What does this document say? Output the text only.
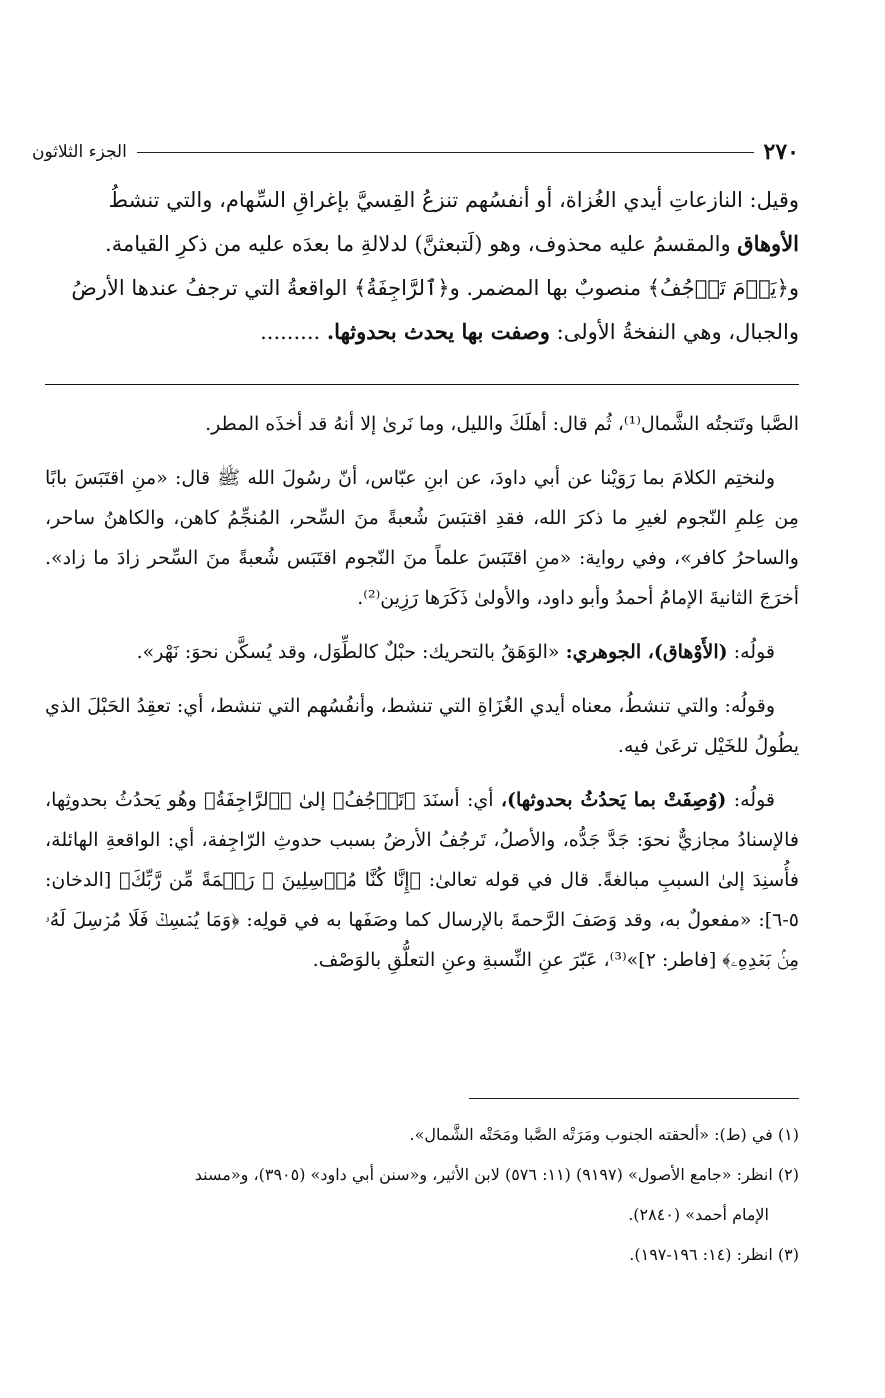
٢٧٠
الجزء الثلاثون

وقيل: النازعاتِ أيدي الغُزاة، أو أنفسُهم تنزعُ القِسيَّ بإغراقِ السِّهام، والتي تنشطُ

الأوهاق والمقسمُ عليه محذوف، وهو (لَتبعثنَّ) لدلالةِ ما بعدَه عليه من ذكرِ القيامة.

و﴿يَوۡمَ تَرۡجُفُ﴾ منصوبٌ بها المضمر. و﴿ٱلرَّاجِفَةُ﴾ الواقعةُ التي ترجفُ عندها الأرضُ

والجبال، وهي النفخةُ الأولى: وصفت بها يحدث بحدوثها. .........

الصَّبا وتَتجتُه الشَّمال⁽¹⁾، ثُم قال: أهلَكَ والليل، وما نَرىٰ إلا أنهُ قد أخذَه المطر.

ولنختِم الكلامَ بما رَوَيْنا عن أبي داودَ، عن ابنِ عبّاس، أنّ رسُولَ الله ﷺ قال: «منِ اقتَبَسَ بابًا مِن عِلمِ النّجوم لغيرِ ما ذكرَ الله، فقدِ اقتبَسَ شُعبةً منَ السِّحر، المُنجِّمُ كاهن، والكاهنُ ساحر، والساحرُ كافر»، وفي رواية: «منِ اقتَبَسَ علماً منَ النّجوم اقتَبَس شُعبةً منَ السِّحر زادَ ما زاد». أخرَجَ الثانيةَ الإمامُ أحمدُ وأبو داود، والأولىٰ ذَكَرَها رَزِين⁽²⁾.

قولُه: (الأَوْهاق)، الجوهري: «الوَهَقُ بالتحريك: حبْلٌ كالطِّوَل، وقد يُسكَّن نحوَ: نَهْر».

وقولُه: والتي تنشطُ، معناه أيدي الغُزَاةِ التي تنشط، وأنفُسُهم التي تنشط، أي: تعقِدُ الحَبْلَ الذي يطُولُ للخَيْل ترعَىٰ فيه.

قولُه: (وُصِفَتْ بما يَحدُثُ بحدوثها)، أي: أسنَدَ ﴿تَرۡجُفُ﴾ إلىٰ ﴿ٱلرَّاجِفَةُ﴾ وهُو يَحدُثُ بحدوثِها، فالإسنادُ مجازيٌّ نحوَ: جَدَّ جَدُّه، والأصلُ، تَرجُفُ الأرضُ بسبب حدوثِ الرّاجِفة، أي: الواقعةِ الهائلة، فأُسنِدَ إلىٰ السببِ مبالغةً. قال في قوله تعالىٰ: ﴿إِنَّا كُنَّا مُرۡسِلِينَ ۞ رَحۡمَةً مِّن رَّبِّكَ﴾ [الدخان: ٥-٦]: «مفعولٌ به، وقد وَصَفَ الرَّحمةَ بالإرسال كما وصَفَها به في قولِه: ﴿وَمَا يُمۡسِكۡ فَلَا مُرۡسِلَ لَهُۥ مِنۢ بَعۡدِهِۦ﴾ [فاطر: ٢]»⁽³⁾، عَبّرَ عنِ النِّسبةِ وعنِ التعلُّقِ بالوَصْف.

(١) في (ط): «ألحقته الجنوب ومَرَتْه الصَّبا ومَحَتْه الشَّمال».

(٢) انظر: «جامع الأصول» (٩١٩٧) (١١: ٥٧٦) لابن الأثير، و«سنن أبي داود» (٣٩٠٥)، و«مسند

الإمام أحمد» (٢٨٤٠).

(٣) انظر: (١٤: ١٩٦-١٩٧).
